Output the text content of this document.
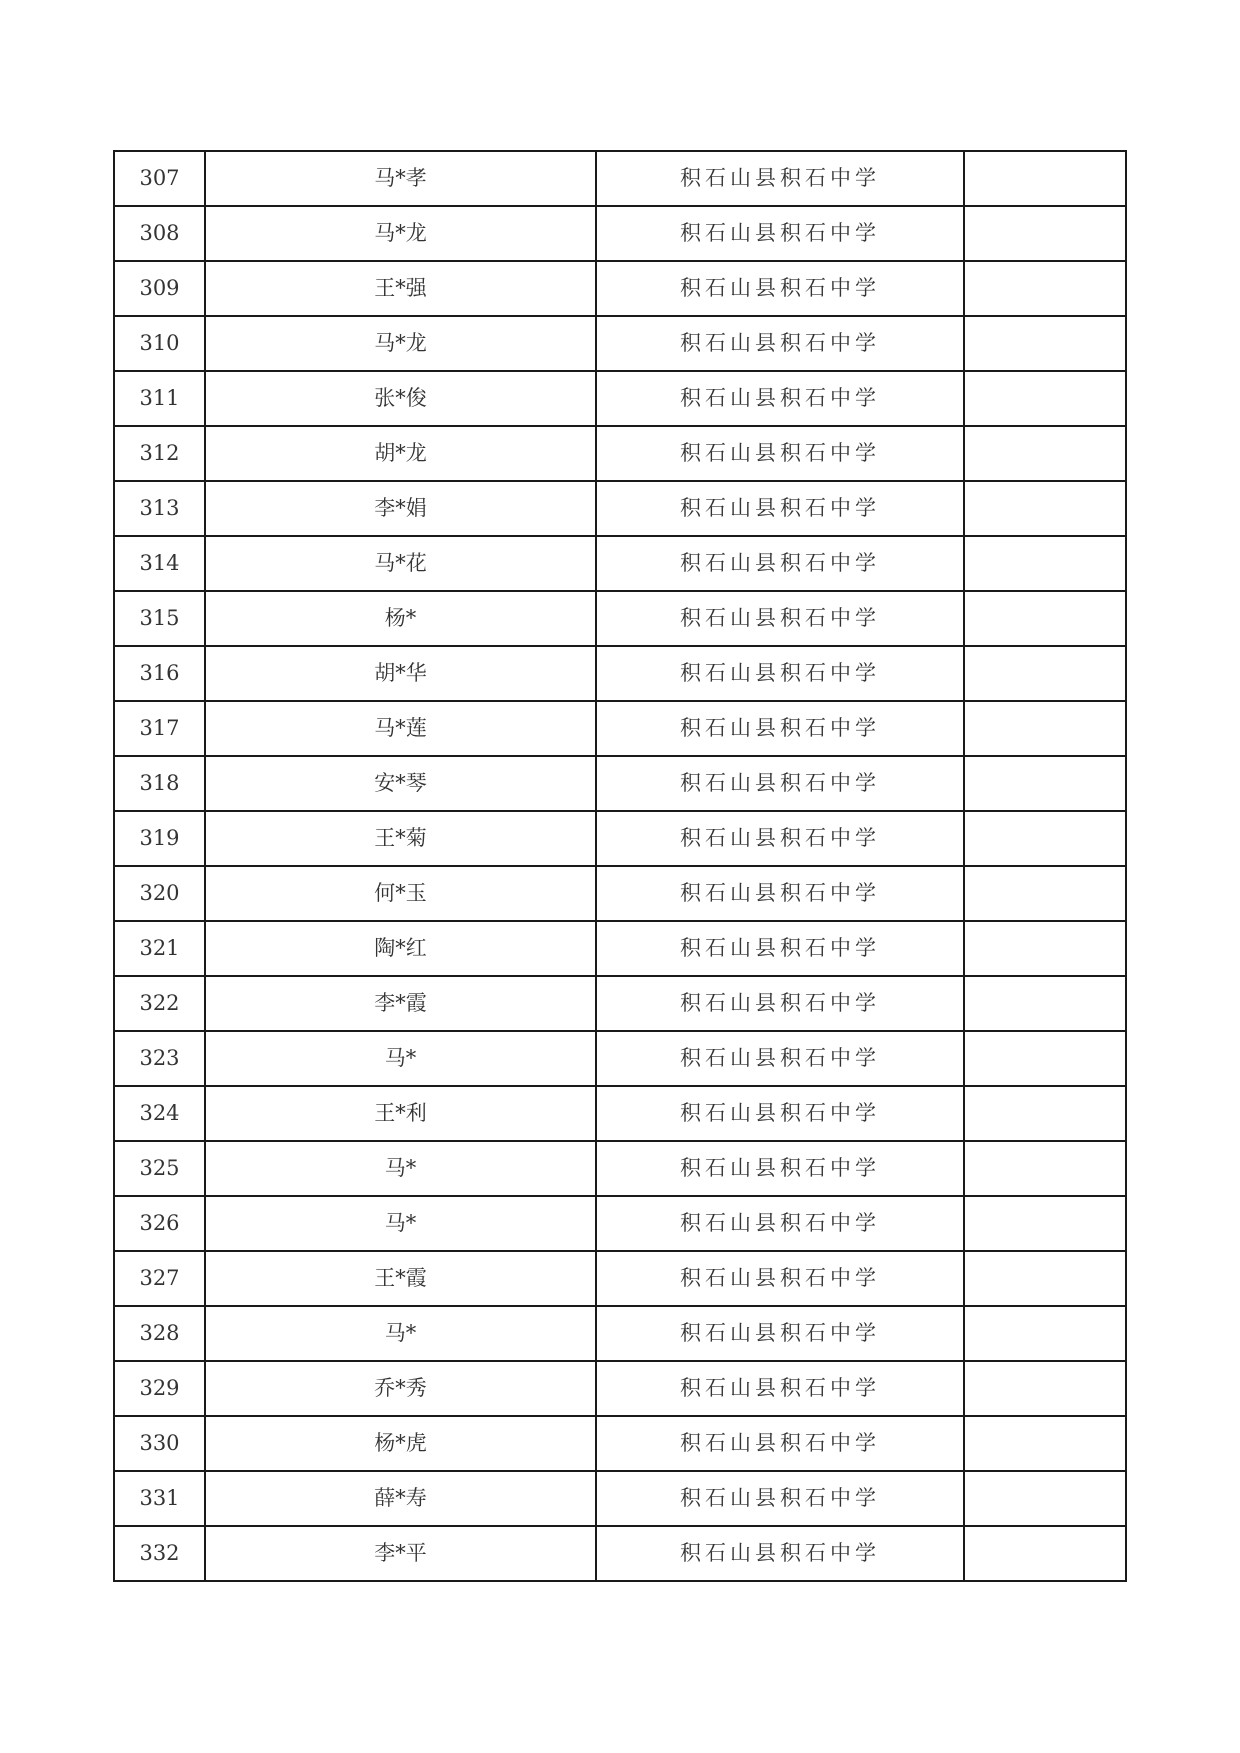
307	马*孝	积石山县积石中学	
308	马*龙	积石山县积石中学	
309	王*强	积石山县积石中学	
310	马*龙	积石山县积石中学	
311	张*俊	积石山县积石中学	
312	胡*龙	积石山县积石中学	
313	李*娟	积石山县积石中学	
314	马*花	积石山县积石中学	
315	杨*	积石山县积石中学	
316	胡*华	积石山县积石中学	
317	马*莲	积石山县积石中学	
318	安*琴	积石山县积石中学	
319	王*菊	积石山县积石中学	
320	何*玉	积石山县积石中学	
321	陶*红	积石山县积石中学	
322	李*霞	积石山县积石中学	
323	马*	积石山县积石中学	
324	王*利	积石山县积石中学	
325	马*	积石山县积石中学	
326	马*	积石山县积石中学	
327	王*霞	积石山县积石中学	
328	马*	积石山县积石中学	
329	乔*秀	积石山县积石中学	
330	杨*虎	积石山县积石中学	
331	薛*寿	积石山县积石中学	
332	李*平	积石山县积石中学	
